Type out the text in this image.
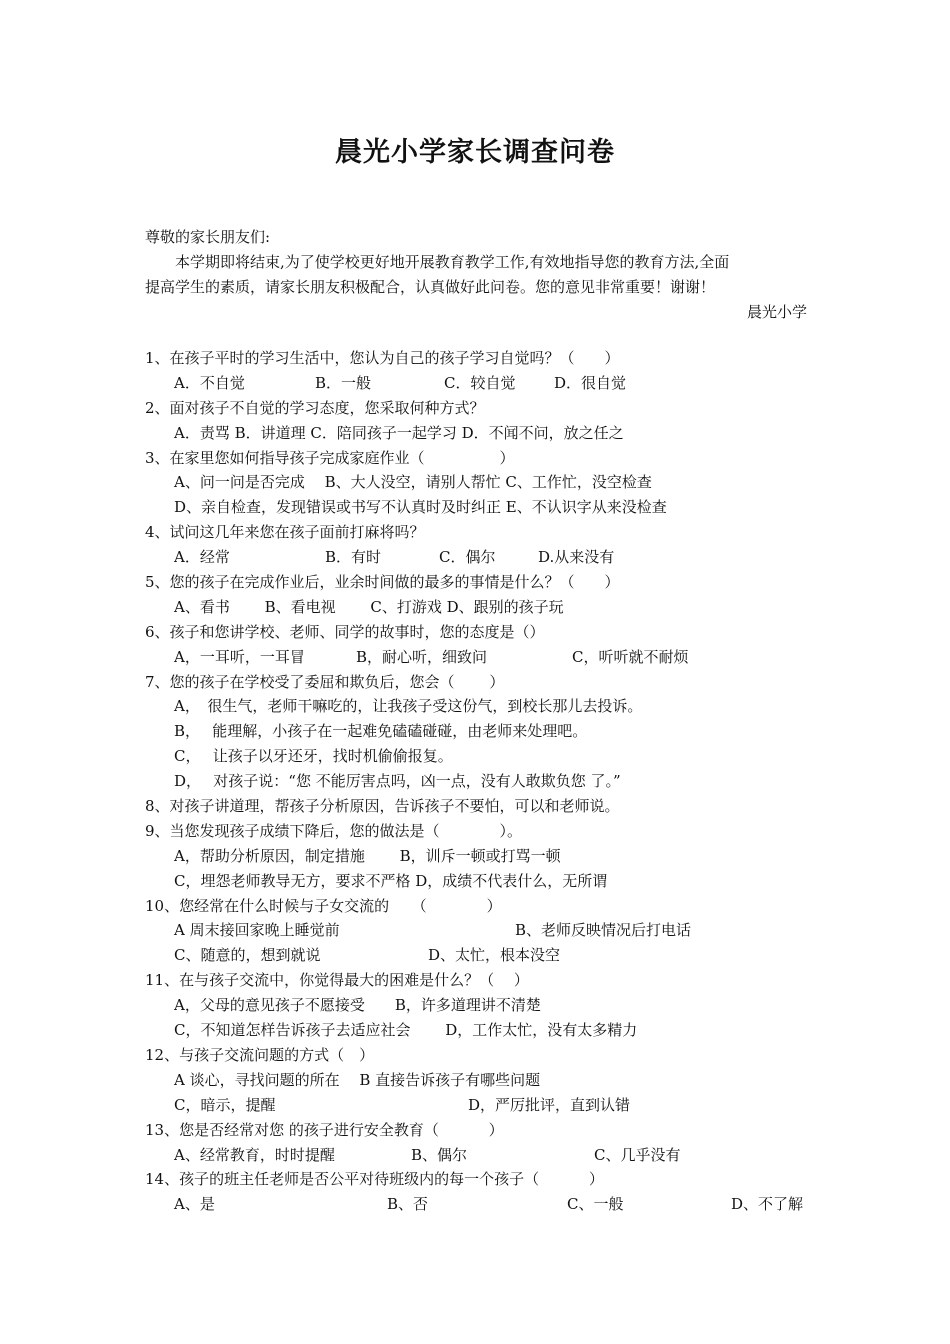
晨光小学家长调查问卷

尊敬的家长朋友们:

本学期即将结束,为了使学校更好地开展教育教学工作,有效地指导您的教育方法,全面

提高学生的素质，请家长朋友积极配合，认真做好此问卷。您的意见非常重要！谢谢！

晨光小学

1、在孩子平时的学习生活中，您认为自己的孩子学习自觉吗？（　　）
A．不自觉	B．一般	C．较自觉	D．很自觉
2、面对孩子不自觉的学习态度，您采取何种方式？
A．责骂 B．讲道理 C．陪同孩子一起学习 D．不闻不问，放之任之
3、在家里您如何指导孩子完成家庭作业（　　　　　）
A、问一问是否完成　 B、大人没空，请别人帮忙 C、工作忙，没空检查
D、亲自检查，发现错误或书写不认真时及时纠正 E、不认识字从来没检查
4、试问这几年来您在孩子面前打麻将吗？
A．经常	B．有时	C．偶尔	D.从来没有
5、您的孩子在完成作业后，业余时间做的最多的事情是什么？（　　）
A、看书　　 B、看电视　　 C、打游戏 D、跟别的孩子玩
6、孩子和您讲学校、老师、同学的故事时，您的态度是（）
A，一耳听，一耳冒	B，耐心听，细致问	C，听听就不耐烦
7、您的孩子在学校受了委屈和欺负后，您会（　　 ）
A，　很生气，老师干嘛吃的，让我孩子受这份气，到校长那儿去投诉。
B，　 能理解，小孩子在一起难免磕磕碰碰，由老师来处理吧。
C，　 让孩子以牙还牙，找时机偷偷报复。
D，　 对孩子说：“您 不能厉害点吗，凶一点，没有人敢欺负您 了。”
8、对孩子讲道理，帮孩子分析原因，告诉孩子不要怕，可以和老师说。
9、当您发现孩子成绩下降后，您的做法是（　　　　）。
A，帮助分析原因，制定措施　　 B，训斥一顿或打骂一顿
C，埋怨老师教导无方，要求不严格 D，成绩不代表什么，无所谓
10、您经常在什么时候与子女交流的　　（　　　　）
A 周末接回家晚上睡觉前	B、老师反映情况后打电话
C、随意的，想到就说	D、太忙，根本没空
11、在与孩子交流中，你觉得最大的困难是什么？（　 ）
A，父母的意见孩子不愿接受　　B，许多道理讲不清楚
C，不知道怎样告诉孩子去适应社会　　 D，工作太忙，没有太多精力
12、与孩子交流问题的方式（　）
A 谈心，寻找问题的所在　 B 直接告诉孩子有哪些问题
C，暗示，提醒	D，严厉批评，直到认错
13、您是否经常对您 的孩子进行安全教育（　　　 ）
A、经常教育，时时提醒	B、偶尔	C、几乎没有
14、孩子的班主任老师是否公平对待班级内的每一个孩子（　　　 ）
A、是	B、否	C、一般	D、不了解
